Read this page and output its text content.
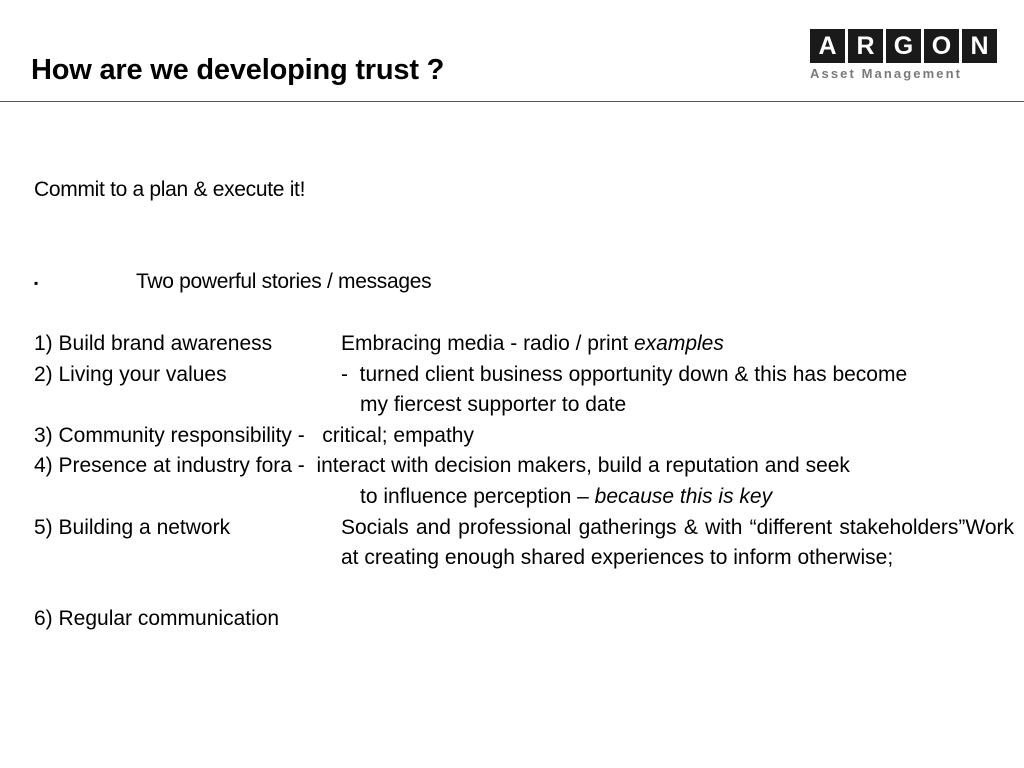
How are we developing trust ?
A R G O N
Asset Management
Commit to a plan & execute it!
▪	Two powerful stories / messages
1) Build brand awareness	Embracing media - radio / print examples
2) Living your values	-  turned client business opportunity down & this has become
my fiercest supporter to date
3) Community responsibility -   critical; empathy
4) Presence at industry fora -  interact with decision makers, build a reputation and seek
to influence perception – because this is key
5) Building a network	Socials and professional gatherings & with “different stakeholders”Work at creating enough shared experiences to inform otherwise;
6) Regular communication
